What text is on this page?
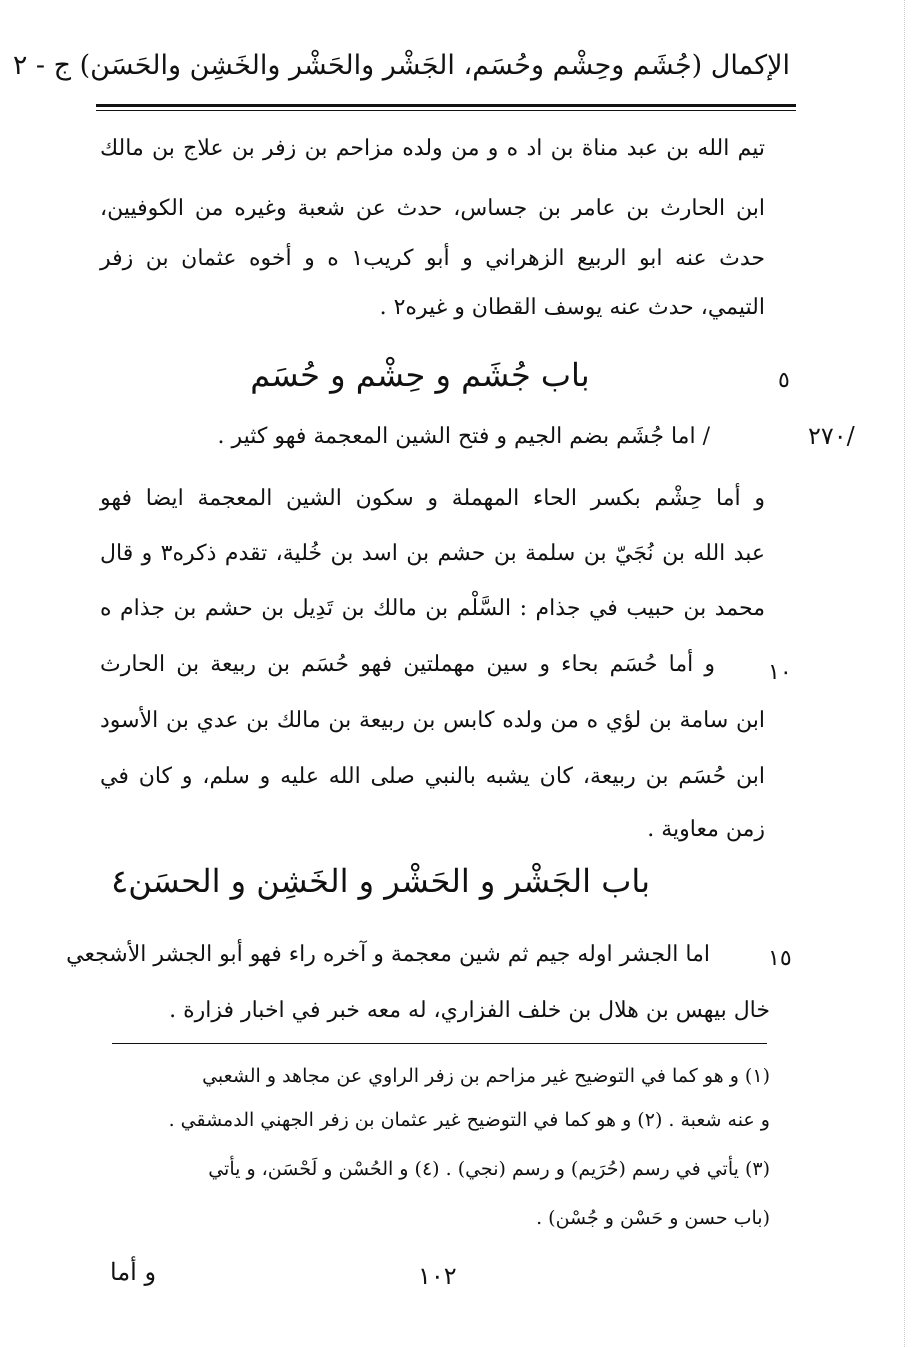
الإكمال (جُشَم وحِشْم وحُسَم، الجَشْر والحَشْر والخَشِن والحَسَن) ج - ٢
تيم الله بن عبد مناة بن اد ه و من ولده مزاحم بن زفر بن علاج بن مالك
ابن الحارث بن عامر بن جساس، حدث عن شعبة وغيره من الكوفيين،
حدث عنه ابو الربيع الزهراني و أبو كريب١ ه و أخوه عثمان بن زفر
التيمي، حدث عنه يوسف القطان و غيره٢ .
باب جُشَم و حِشْم و حُسَم	٥
/٢٧٠
/ اما جُشَم بضم الجيم و فتح الشين المعجمة فهو كثير .
و أما حِشْم بكسر الحاء المهملة و سكون الشين المعجمة ايضا فهو
عبد الله بن نُجَيّ بن سلمة بن حشم بن اسد بن خُلية، تقدم ذكره٣ و قال
محمد بن حبيب في جذام : السَّلْم بن مالك بن تَدِيل بن حشم بن جذام ه
و أما حُسَم بحاء و سين مهملتين فهو حُسَم بن ربيعة بن الحارث ١٠
ابن سامة بن لؤي ه من ولده كابس بن ربيعة بن مالك بن عدي بن الأسود
ابن حُسَم بن ربيعة، كان يشبه بالنبي صلى الله عليه و سلم، و كان في
زمن معاوية .
باب الجَشْر و الحَشْر و الخَشِن و الحسَن٤
اما الجشر اوله جيم ثم شين معجمة و آخره راء فهو أبو الجشر الأشجعي	١٥
خال بيهس بن هلال بن خلف الفزاري، له معه خبر في اخبار فزارة .
(١) و هو كما في التوضيح غير مزاحم بن زفر الراوي عن مجاهد و الشعبي
و عنه شعبة . (٢) و هو كما في التوضيح غير عثمان بن زفر الجهني الدمشقي .
(٣) يأتي في رسم (حُرَيم) و رسم (نجي) . (٤) و الحُسْن و لَحْسَن، و يأتي
(باب حسن و حَسْن و جُسْن) .
١٠٢
و أما
